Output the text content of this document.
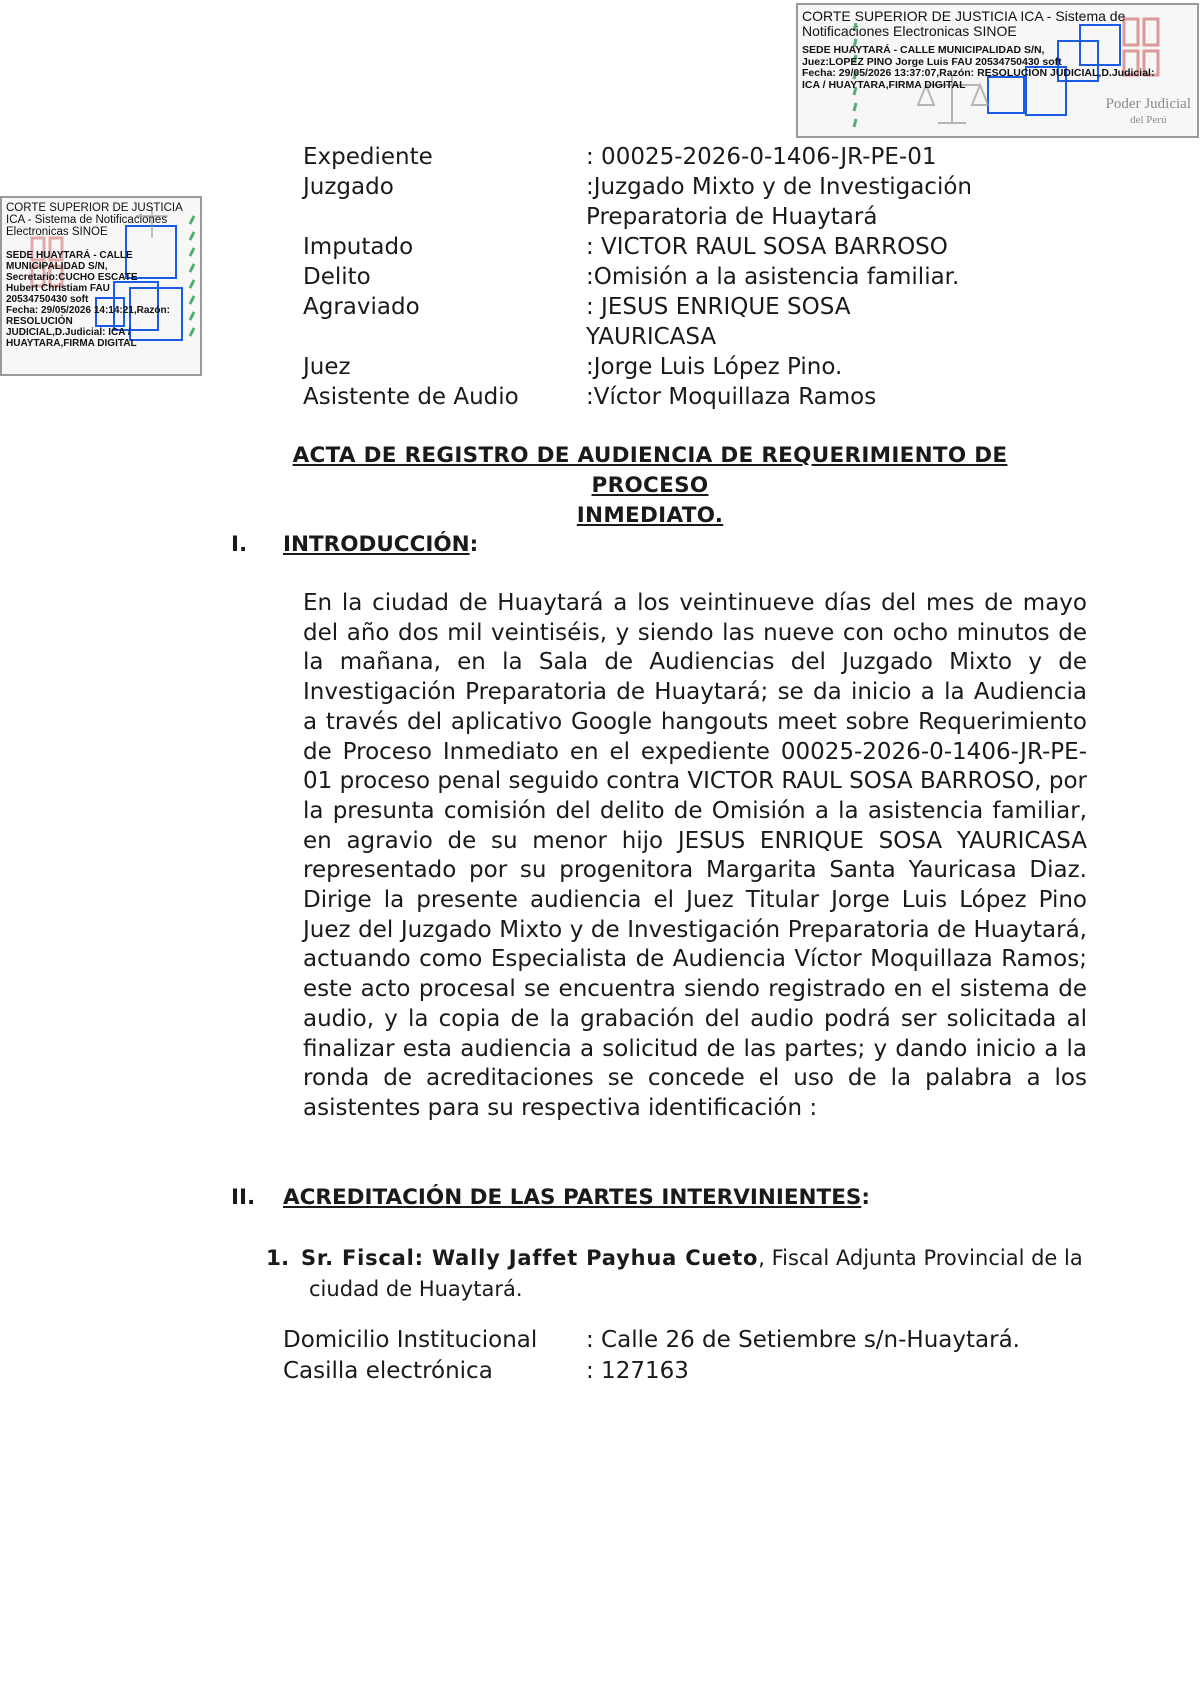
CORTE SUPERIOR DE JUSTICIA ICA - Sistema de
Notificaciones Electronicas SINOE
SEDE HUAYTARÁ - CALLE MUNICIPALIDAD S/N,
Juez:LOPEZ PINO Jorge Luis FAU 20534750430 soft
Fecha: 29/05/2026 13:37:07,Razón: RESOLUCIÓN JUDICIAL,D.Judicial:
ICA / HUAYTARA,FIRMA DIGITAL
Poder Judicial
del Perú
CORTE SUPERIOR DE JUSTICIA
ICA - Sistema de Notificaciones
Electronicas SINOE
SEDE HUAYTARÁ - CALLE
MUNICIPALIDAD S/N,
Secretario:CUCHO ESCATE
Hubert Christiam FAU
20534750430 soft
Fecha: 29/05/2026 14:14:21,Razón:
RESOLUCIÓN
JUDICIAL,D.Judicial: ICA /
HUAYTARA,FIRMA DIGITAL
Expediente	: 00025-2026-0-1406-JR-PE-01
Juzgado	:Juzgado Mixto y de Investigación
Preparatoria de Huaytará
Imputado	: VICTOR RAUL SOSA BARROSO
Delito	:Omisión a la asistencia familiar.
Agraviado	: JESUS ENRIQUE SOSA YAURICASA
Juez	:Jorge Luis López Pino.
Asistente de Audio	:Víctor Moquillaza Ramos
ACTA DE REGISTRO DE AUDIENCIA DE REQUERIMIENTO DE PROCESO
INMEDIATO.
I. INTRODUCCIÓN:
En la ciudad de Huaytará a los veintinueve días del mes de mayo del año dos mil veintiséis, y siendo las nueve con ocho minutos de la mañana, en la Sala de Audiencias del Juzgado Mixto y de Investigación Preparatoria de Huaytará; se da inicio a la Audiencia a través del aplicativo Google hangouts meet sobre Requerimiento de Proceso Inmediato en el expediente 00025-2026-0-1406-JR-PE-01 proceso penal seguido contra VICTOR RAUL SOSA BARROSO, por la presunta comisión del delito de Omisión a la asistencia familiar, en agravio de su menor hijo JESUS ENRIQUE SOSA YAURICASA representado por su progenitora Margarita Santa Yauricasa Diaz. Dirige la presente audiencia el Juez Titular Jorge Luis López Pino Juez del Juzgado Mixto y de Investigación Preparatoria de Huaytará, actuando como Especialista de Audiencia Víctor Moquillaza Ramos; este acto procesal se encuentra siendo registrado en el sistema de audio, y la copia de la grabación del audio podrá ser solicitada al finalizar esta audiencia a solicitud de las partes; y dando inicio a la ronda de acreditaciones se concede el uso de la palabra a los asistentes para su respectiva identificación :
II. ACREDITACIÓN DE LAS PARTES INTERVINIENTES:
1. Sr. Fiscal: Wally Jaffet Payhua Cueto, Fiscal Adjunta Provincial de la
ciudad de Huaytará.
Domicilio Institucional	: Calle 26 de Setiembre s/n-Huaytará.
Casilla electrónica	: 127163
